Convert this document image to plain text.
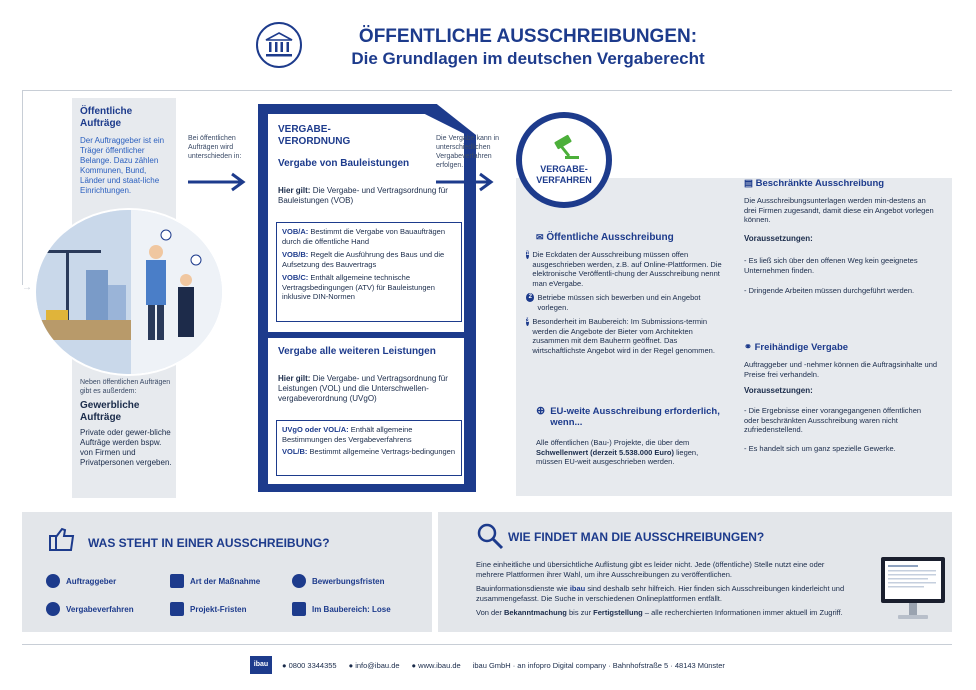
ÖFFENTLICHE AUSSCHREIBUNGEN:
Die Grundlagen im deutschen Vergaberecht
→
Öffentliche Aufträge
Der Auftraggeber ist ein Träger öffentlicher Belange. Dazu zählen Kommunen, Bund, Länder und staat-liche Einrichtungen.
Neben öffentlichen Aufträgen gibt es außerdem:
Gewerbliche Aufträge
Private oder gewer-bliche Aufträge werden bspw. von Firmen und Privatpersonen vergeben.
Bei öffentlichen Aufträgen wird unterschieden in:
VERGABE-VERORDNUNG
Vergabe von Bauleistungen
Hier gilt: Die Vergabe- und Vertragsordnung für Bauleistungen (VOB)
VOB/A: Bestimmt die Vergabe von Bauaufträgen durch die öffentliche Hand
VOB/B: Regelt die Ausführung des Baus und die Aufsetzung des Bauvertrags
VOB/C: Enthält allgemeine technische Vertragsbedingungen (ATV) für Bauleistungen inklusive DIN-Normen
Vergabe alle weiteren Leistungen
Hier gilt: Die Vergabe- und Vertragsordnung für Leistungen (VOL) und die Unterschwellen-vergabeverordnung (UVgO)
UVgO oder VOL/A: Enthält allgemeine Bestimmungen des Vergabeverfahrens
VOL/B: Bestimmt allgemeine Vertrags-bedingungen
Die Vergabe kann in unterschiedlichen Vergabeverfahren erfolgen.	VERGABE-VERFAHREN
✉ Öffentliche Ausschreibung
1 Die Eckdaten der Ausschreibung müssen offen ausgeschrieben werden, z.B. auf Online-Plattformen. Die elektronische Veröffentli-chung der Ausschreibung nennt man eVergabe.
2 Betriebe müssen sich bewerben und ein Angebot vorlegen.
3 Besonderheit im Baubereich: Im Submissions-termin werden die Angebote der Bieter vom Architekten zusammen mit dem Bauherrn geöffnet. Das wirtschaftlichste Angebot wird in der Regel genommen.
⊕ EU-weite Ausschreibung erforderlich, wenn...
Alle öffentlichen (Bau-) Projekte, die über dem Schwellenwert (derzeit 5.538.000 Euro) liegen, müssen EU-weit ausgeschrieben werden.
▤ Beschränkte Ausschreibung
Die Ausschreibungsunterlagen werden min-destens an drei Firmen zugesandt, damit diese ein Angebot vorlegen können.
Voraussetzungen:
- Es ließ sich über den offenen Weg kein geeignetes Unternehmen finden.
- Dringende Arbeiten müssen durchgeführt werden.
⚭ Freihändige Vergabe
Auftraggeber und -nehmer können die Auftragsinhalte und Preise frei verhandeln.
Voraussetzungen:
- Die Ergebnisse einer vorangegangenen öffentlichen oder beschränkten Ausschreibung waren nicht zufriedenstellend.
- Es handelt sich um ganz spezielle Gewerke.
WAS STEHT IN EINER AUSSCHREIBUNG?
Auftraggeber	Art der Maßnahme	Bewerbungsfristen
Vergabeverfahren	Projekt-Fristen	Im Baubereich: Lose
WIE FINDET MAN DIE AUSSCHREIBUNGEN?
Eine einheitliche und übersichtliche Auflistung gibt es leider nicht. Jede (öffentliche) Stelle nutzt eine oder mehrere Plattformen ihrer Wahl, um ihre Ausschreibungen zu veröffentlichen.
Bauinformationsdienste wie ibau sind deshalb sehr hilfreich. Hier finden sich Ausschreibungen kinderleicht und zusammengefasst. Die Suche in verschiedenen Onlineplattformen entfällt.
Von der Bekanntmachung bis zur Fertigstellung – alle recherchierten Informationen immer aktuell im Zugriff.
ibau	● 0800 3344355 ● info@ibau.de ● www.ibau.de ibau GmbH · an infopro Digital company · Bahnhofstraße 5 · 48143 Münster
